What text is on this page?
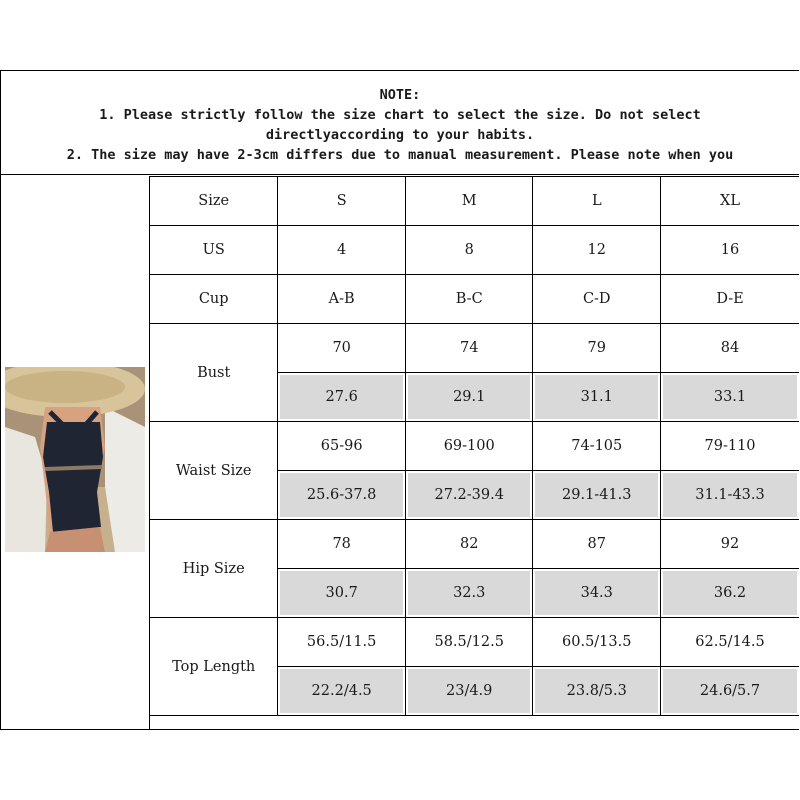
NOTE:
1. Please strictly follow the size chart to select the size. Do not select
directlyaccording to your habits.
2. The size may have 2-3cm differs due to manual measurement. Please note when you
Size	S	M	L	XL
US	4	8	12	16
Cup	A-B	B-C	C-D	D-E
Bust	70	74	79	84
	27.6	29.1	31.1	33.1
Waist Size	65-96	69-100	74-105	79-110
	25.6-37.8	27.2-39.4	29.1-41.3	31.1-43.3
Hip Size	78	82	87	92
	30.7	32.3	34.3	36.2
Top Length	56.5/11.5	58.5/12.5	60.5/13.5	62.5/14.5
	22.2/4.5	23/4.9	23.8/5.3	24.6/5.7
